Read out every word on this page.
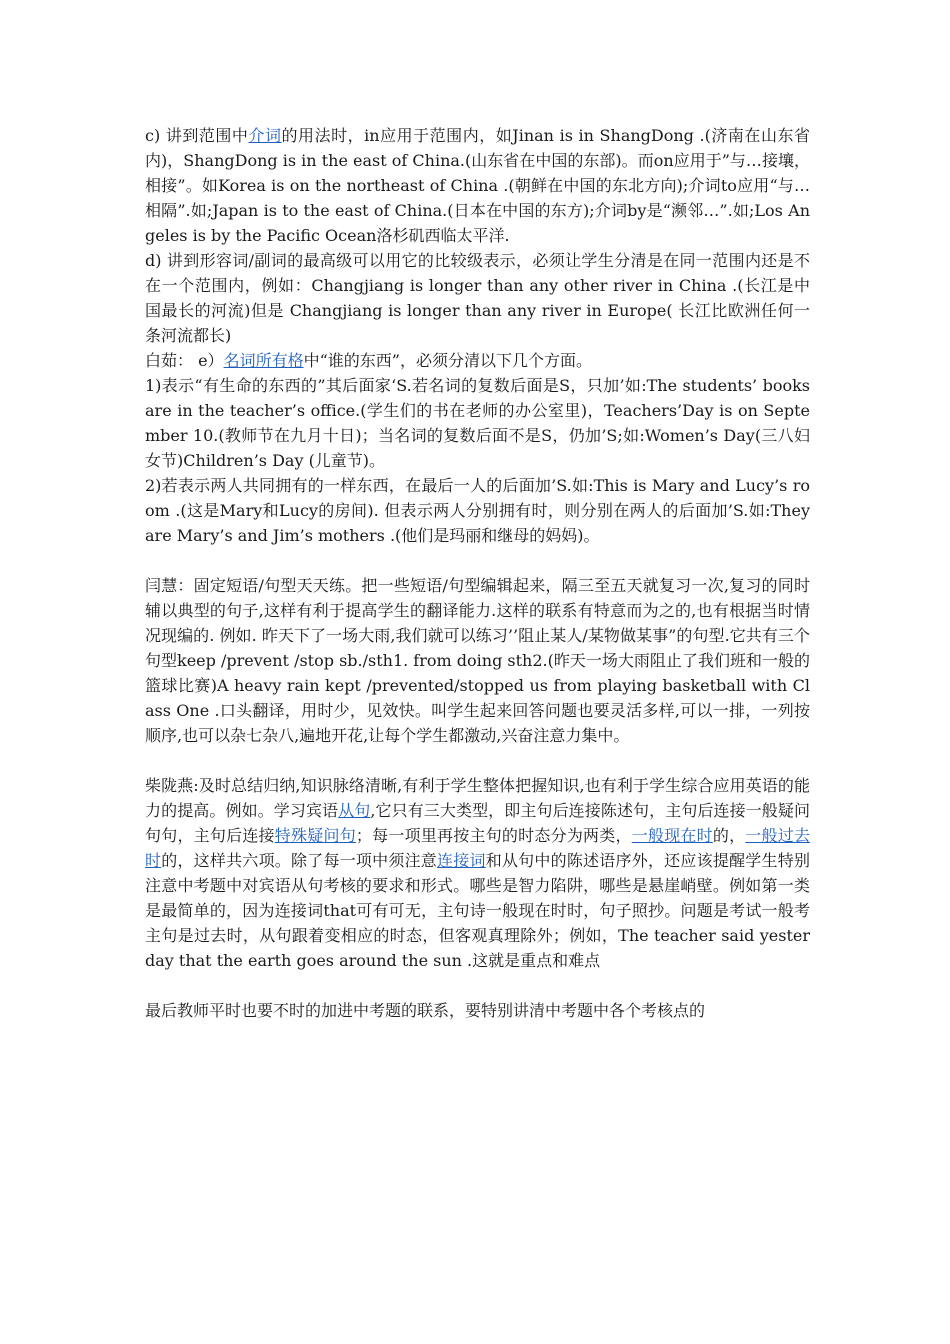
c) 讲到范围中介词的用法时，in应用于范围内，如Jinan is in ShangDong .(济南在山东省内)，ShangDong is in the east of China.(山东省在中国的东部)。而on应用于”与…接壤，相接”。如Korea is on the northeast of China .(朝鲜在中国的东北方向);介词to应用“与…相隔”.如;Japan is to the east of China.(日本在中国的东方);介词by是“濒邻…”.如;Los Angeles is by the Pacific Ocean洛杉矶西临太平洋.

d) 讲到形容词/副词的最高级可以用它的比较级表示，必须让学生分清是在同一范围内还是不在一个范围内，例如：Changjiang is longer than any other river in China .(长江是中国最长的河流)但是 Changjiang is longer than any river in Europe( 长江比欧洲任何一条河流都长)

白茹： e）名词所有格中“谁的东西”，必须分清以下几个方面。

1)表示“有生命的东西的”其后面家‘S.若名词的复数后面是S，只加’如:The students’ books are in the teacher’s office.(学生们的书在老师的办公室里)，Teachers’Day is on September 10.(教师节在九月十日)；当名词的复数后面不是S，仍加’S;如:Women’s Day(三八妇女节)Children’s Day (儿童节)。

2)若表示两人共同拥有的一样东西，在最后一人的后面加’S.如:This is Mary and Lucy’s room .(这是Mary和Lucy的房间). 但表示两人分别拥有时，则分别在两人的后面加’S.如:They are Mary’s and Jim’s mothers .(他们是玛丽和继母的妈妈)。

闫慧：固定短语/句型天天练。把一些短语/句型编辑起来，隔三至五天就复习一次,复习的同时辅以典型的句子,这样有利于提高学生的翻译能力.这样的联系有特意而为之的,也有根据当时情况现编的. 例如. 昨天下了一场大雨,我们就可以练习’’阻止某人/某物做某事”的句型.它共有三个句型keep /prevent /stop sb./sth1. from doing sth2.(昨天一场大雨阻止了我们班和一般的篮球比赛)A heavy rain kept /prevented/stopped us from playing basketball with Class One .口头翻译，用时少，见效快。叫学生起来回答问题也要灵活多样,可以一排，一列按顺序,也可以杂七杂八,遍地开花,让每个学生都激动,兴奋注意力集中。

柴陇燕:及时总结归纳,知识脉络清晰,有利于学生整体把握知识,也有利于学生综合应用英语的能力的提高。例如。学习宾语从句,它只有三大类型，即主句后连接陈述句，主句后连接一般疑问句句，主句后连接特殊疑问句；每一项里再按主句的时态分为两类，一般现在时的，一般过去时的，这样共六项。除了每一项中须注意连接词和从句中的陈述语序外，还应该提醒学生特别注意中考题中对宾语从句考核的要求和形式。哪些是智力陷阱，哪些是悬崖峭壁。例如第一类是最简单的，因为连接词that可有可无，主句诗一般现在时时，句子照抄。问题是考试一般考主句是过去时，从句跟着变相应的时态，但客观真理除外；例如，The teacher said yesterday that the earth goes around the sun .这就是重点和难点

最后教师平时也要不时的加进中考题的联系，要特别讲清中考题中各个考核点的
